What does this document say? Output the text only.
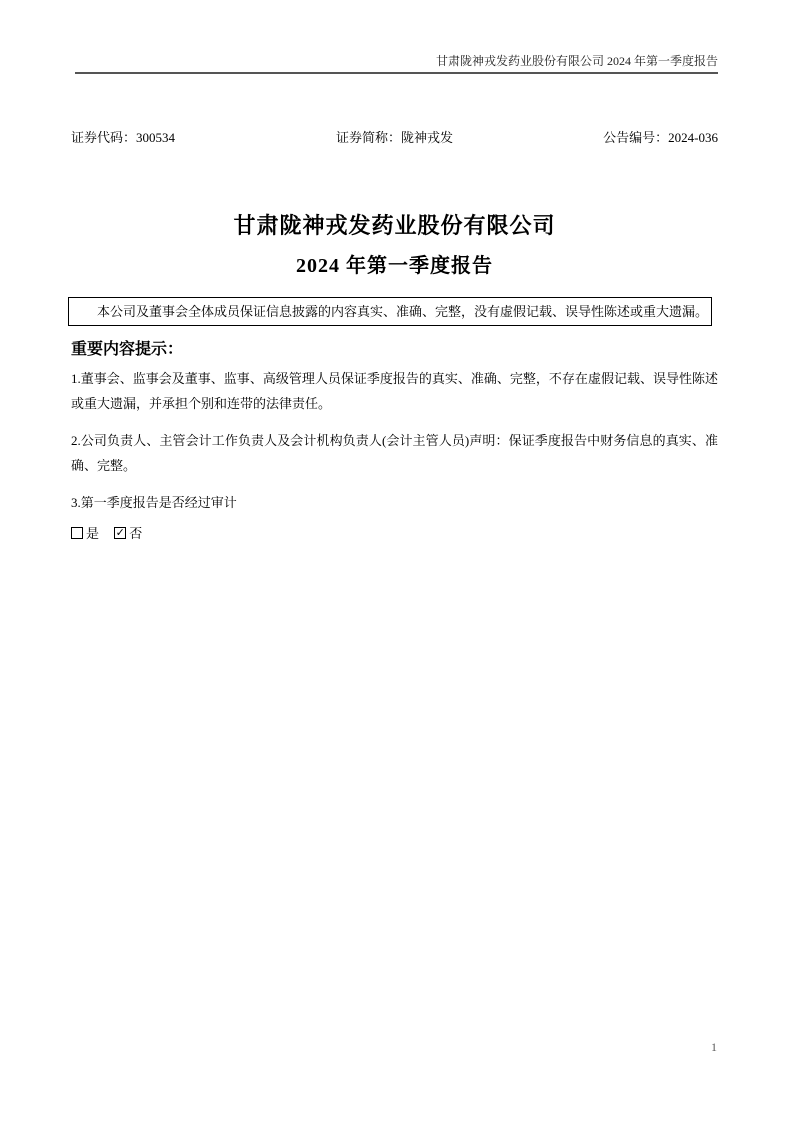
甘肃陇神戎发药业股份有限公司 2024 年第一季度报告
证券代码：300534	证券简称：陇神戎发	公告编号：2024-036
甘肃陇神戎发药业股份有限公司
2024 年第一季度报告
本公司及董事会全体成员保证信息披露的内容真实、准确、完整，没有虚假记载、误导性陈述或重大遗漏。
重要内容提示：

1.董事会、监事会及董事、监事、高级管理人员保证季度报告的真实、准确、完整，不存在虚假记载、误导性陈述或重大遗漏，并承担个别和连带的法律责任。

2.公司负责人、主管会计工作负责人及会计机构负责人(会计主管人员)声明：保证季度报告中财务信息的真实、准确、完整。

3.第一季度报告是否经过审计

是 ✓ 否
1
